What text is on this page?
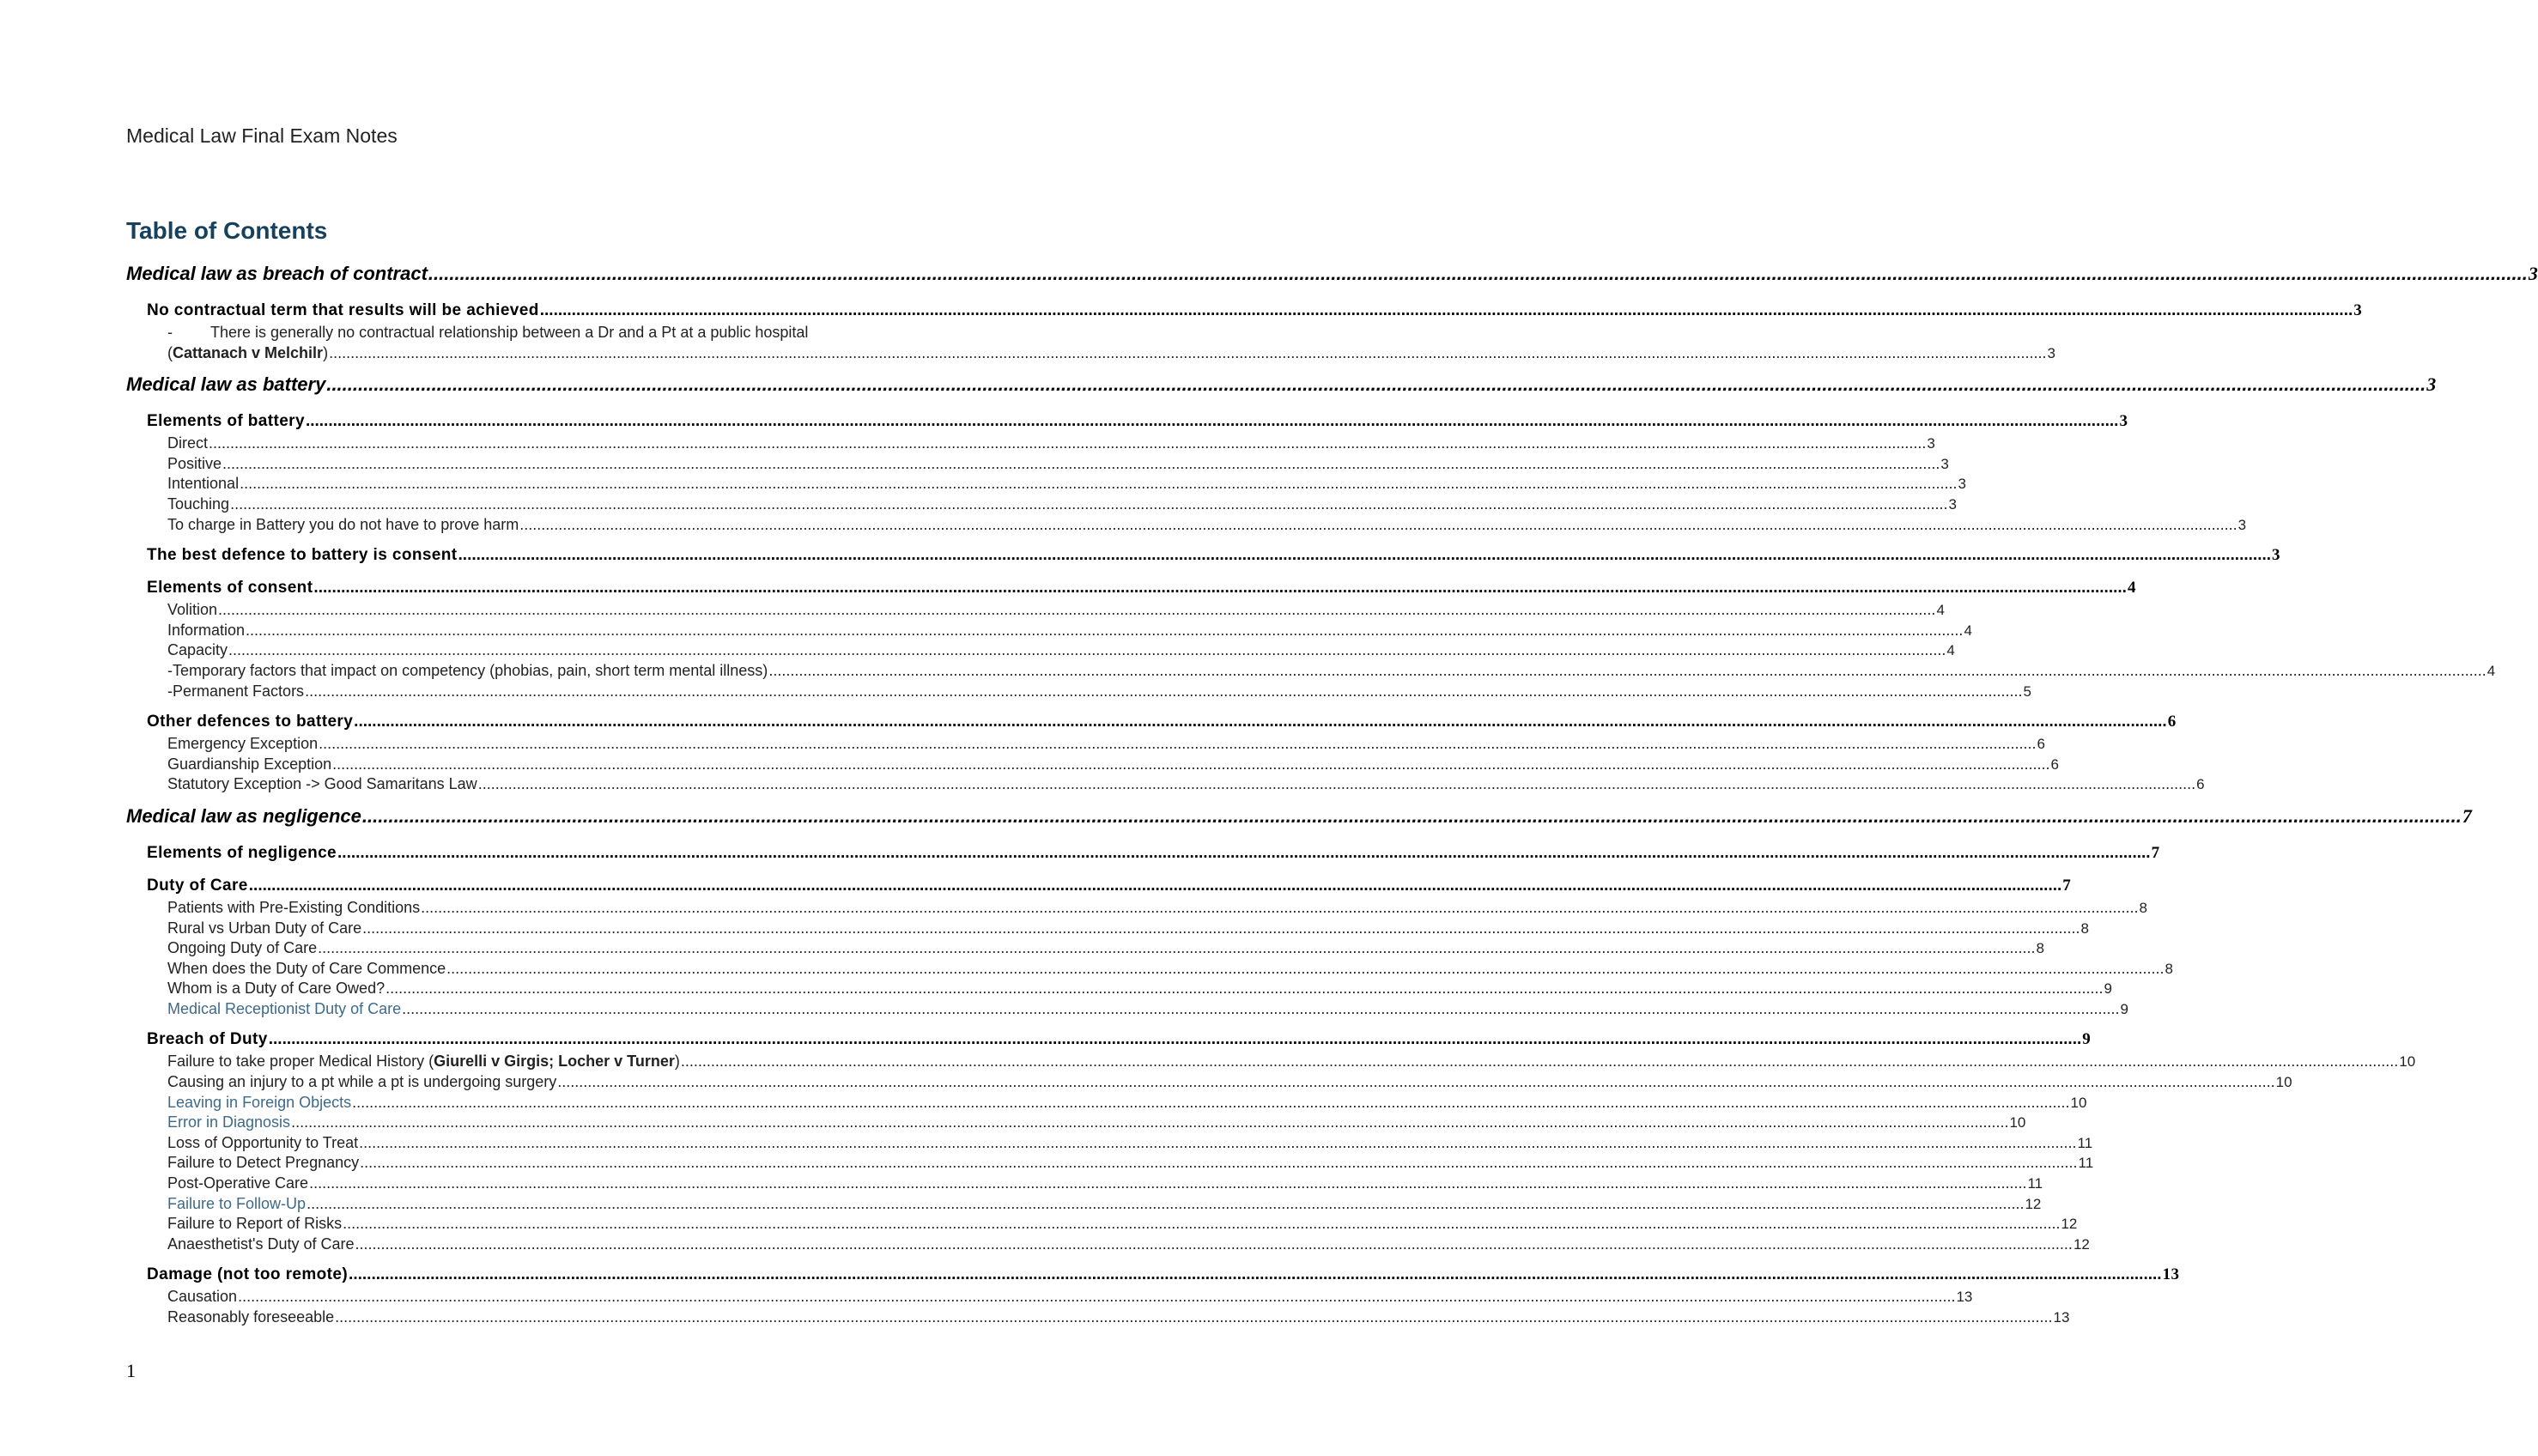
Medical Law Final Exam Notes
Table of Contents
Medical law as breach of contract ................................................................................................................................................................................................................................................................................................................................................................................................................ 3
No contractual term that results will be achieved ................................................................................................................................................................................................................................................................................................................................................................................................................ 3
- There is generally no contractual relationship between a Dr and a Pt at a public hospital
(Cattanach v Melchilr) ................................................................................................................................................................................................................................................................................................................................................................................................................ 3
Medical law as battery ................................................................................................................................................................................................................................................................................................................................................................................................................ 3
Elements of battery ................................................................................................................................................................................................................................................................................................................................................................................................................ 3
Direct ................................................................................................................................................................................................................................................................................................................................................................................................................ 3
Positive ................................................................................................................................................................................................................................................................................................................................................................................................................ 3
Intentional ................................................................................................................................................................................................................................................................................................................................................................................................................ 3
Touching ................................................................................................................................................................................................................................................................................................................................................................................................................ 3
To charge in Battery you do not have to prove harm ................................................................................................................................................................................................................................................................................................................................................................................................................ 3
The best defence to battery is consent ................................................................................................................................................................................................................................................................................................................................................................................................................ 3
Elements of consent ................................................................................................................................................................................................................................................................................................................................................................................................................ 4
Volition ................................................................................................................................................................................................................................................................................................................................................................................................................ 4
Information ................................................................................................................................................................................................................................................................................................................................................................................................................ 4
Capacity ................................................................................................................................................................................................................................................................................................................................................................................................................ 4
- Temporary factors that impact on competency (phobias, pain, short term mental illness) ................................................................................................................................................................................................................................................................................................................................................................................................................ 4
- Permanent Factors ................................................................................................................................................................................................................................................................................................................................................................................................................ 5
Other defences to battery ................................................................................................................................................................................................................................................................................................................................................................................................................ 6
Emergency Exception ................................................................................................................................................................................................................................................................................................................................................................................................................ 6
Guardianship Exception ................................................................................................................................................................................................................................................................................................................................................................................................................ 6
Statutory Exception -> Good Samaritans Law ................................................................................................................................................................................................................................................................................................................................................................................................................ 6
Medical law as negligence ................................................................................................................................................................................................................................................................................................................................................................................................................ 7
Elements of negligence ................................................................................................................................................................................................................................................................................................................................................................................................................ 7
Duty of Care ................................................................................................................................................................................................................................................................................................................................................................................................................ 7
Patients with Pre-Existing Conditions ................................................................................................................................................................................................................................................................................................................................................................................................................ 8
Rural vs Urban Duty of Care ................................................................................................................................................................................................................................................................................................................................................................................................................ 8
Ongoing Duty of Care ................................................................................................................................................................................................................................................................................................................................................................................................................ 8
When does the Duty of Care Commence ................................................................................................................................................................................................................................................................................................................................................................................................................ 8
Whom is a Duty of Care Owed? ................................................................................................................................................................................................................................................................................................................................................................................................................ 9
Medical Receptionist Duty of Care ................................................................................................................................................................................................................................................................................................................................................................................................................ 9
Breach of Duty ................................................................................................................................................................................................................................................................................................................................................................................................................ 9
Failure to take proper Medical History (Giurelli v Girgis; Locher v Turner) ................................................................................................................................................................................................................................................................................................................................................................................................................ 10
Causing an injury to a pt while a pt is undergoing surgery ................................................................................................................................................................................................................................................................................................................................................................................................................ 10
Leaving in Foreign Objects ................................................................................................................................................................................................................................................................................................................................................................................................................ 10
Error in Diagnosis ................................................................................................................................................................................................................................................................................................................................................................................................................ 10
Loss of Opportunity to Treat ................................................................................................................................................................................................................................................................................................................................................................................................................ 11
Failure to Detect Pregnancy ................................................................................................................................................................................................................................................................................................................................................................................................................ 11
Post-Operative Care ................................................................................................................................................................................................................................................................................................................................................................................................................ 11
Failure to Follow-Up ................................................................................................................................................................................................................................................................................................................................................................................................................ 12
Failure to Report of Risks ................................................................................................................................................................................................................................................................................................................................................................................................................ 12
Anaesthetist's Duty of Care ................................................................................................................................................................................................................................................................................................................................................................................................................ 12
Damage (not too remote) ................................................................................................................................................................................................................................................................................................................................................................................................................ 13
Causation ................................................................................................................................................................................................................................................................................................................................................................................................................ 13
Reasonably foreseeable ................................................................................................................................................................................................................................................................................................................................................................................................................ 13
1
